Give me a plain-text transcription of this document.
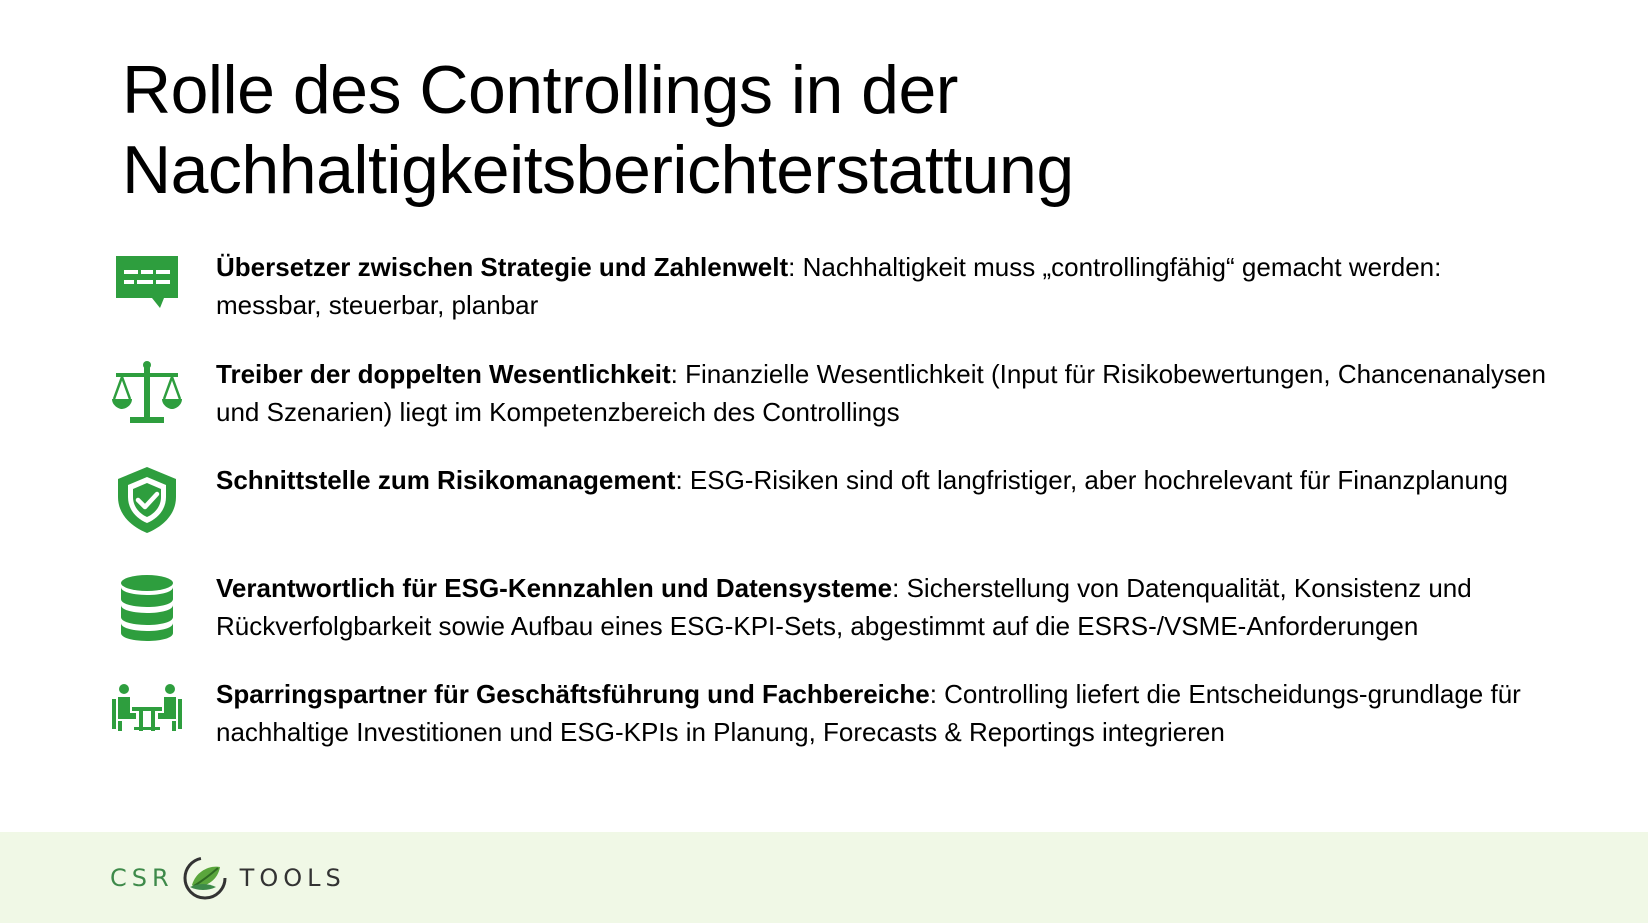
Rolle des Controllings in der
Nachhaltigkeitsberichterstattung
Übersetzer zwischen Strategie und Zahlenwelt: Nachhaltigkeit muss „controllingfähig“ gemacht werden: messbar, steuerbar, planbar
Treiber der doppelten Wesentlichkeit: Finanzielle Wesentlichkeit (Input für Risikobewertungen, Chancenanalysen und Szenarien) liegt im Kompetenzbereich des Controllings
Schnittstelle zum Risikomanagement: ESG-Risiken sind oft langfristiger, aber hochrelevant für Finanzplanung
Verantwortlich für ESG-Kennzahlen und Datensysteme: Sicherstellung von Datenqualität, Konsistenz und Rückverfolgbarkeit sowie Aufbau eines ESG-KPI-Sets, abgestimmt auf die ESRS-/VSME-Anforderungen
Sparringspartner für Geschäftsführung und Fachbereiche: Controlling liefert die Entscheidungs-grundlage für nachhaltige Investitionen und ESG-KPIs in Planung, Forecasts & Reportings integrieren
CSR	TOOLS
